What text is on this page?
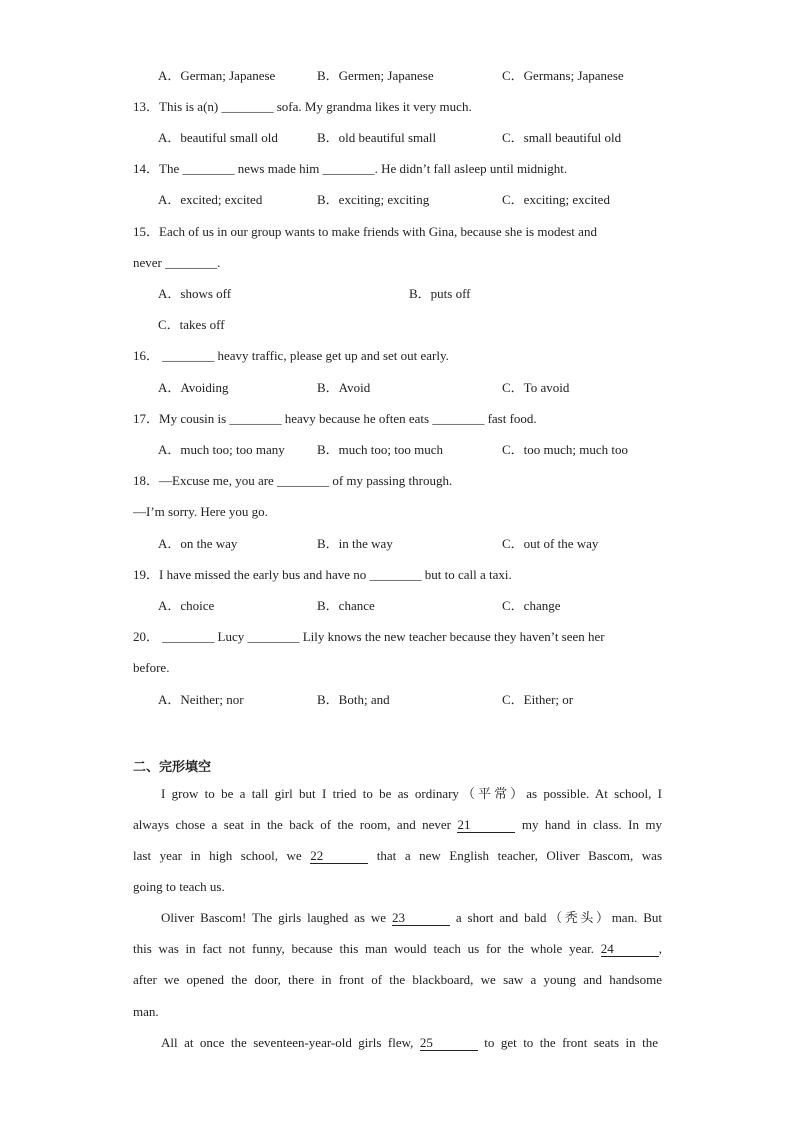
A．German; Japanese	B．Germen; Japanese	C．Germans; Japanese
13．This is a(n) ________ sofa. My grandma likes it very much.
A．beautiful small old	B．old beautiful small	C．small beautiful old
14．The ________ news made him ________. He didn’t fall asleep until midnight.
A．excited; excited	B．exciting; exciting	C．exciting; excited
15．Each of us in our group wants to make friends with Gina, because she is modest and
never ________.
A．shows off	B．puts off
C．takes off
16． ________ heavy traffic, please get up and set out early.
A．Avoiding	B．Avoid	C．To avoid
17．My cousin is ________ heavy because he often eats ________ fast food.
A．much too; too many B．much too; too much	C．too much; much too
18．—Excuse me, you are ________ of my passing through.
—I’m sorry. Here you go.
A．on the way	B．in the way	C．out of the way
19．I have missed the early bus and have no ________ but to call a taxi.
A．choice	B．chance	C．change
20． ________ Lucy ________ Lily knows the new teacher because they haven’t seen her
before.
A．Neither; nor	B．Both; and	C．Either; or
二、完形填空
I grow to be a tall girl but I tried to be as ordinary（平常）as possible. At school, I
always chose a seat in the back of the room, and never 21	my hand in class. In my
last year in high school, we 22	that a new English teacher, Oliver Bascom, was
going to teach us.
Oliver Bascom! The girls laughed as we 23	a short and bald（秃头）man. But
this was in fact not funny, because this man would teach us for the whole year. 24	,
after we opened the door, there in front of the blackboard, we saw a young and handsome
man.
All at once the seventeen-year-old girls flew, 25	to get to the front seats in the
